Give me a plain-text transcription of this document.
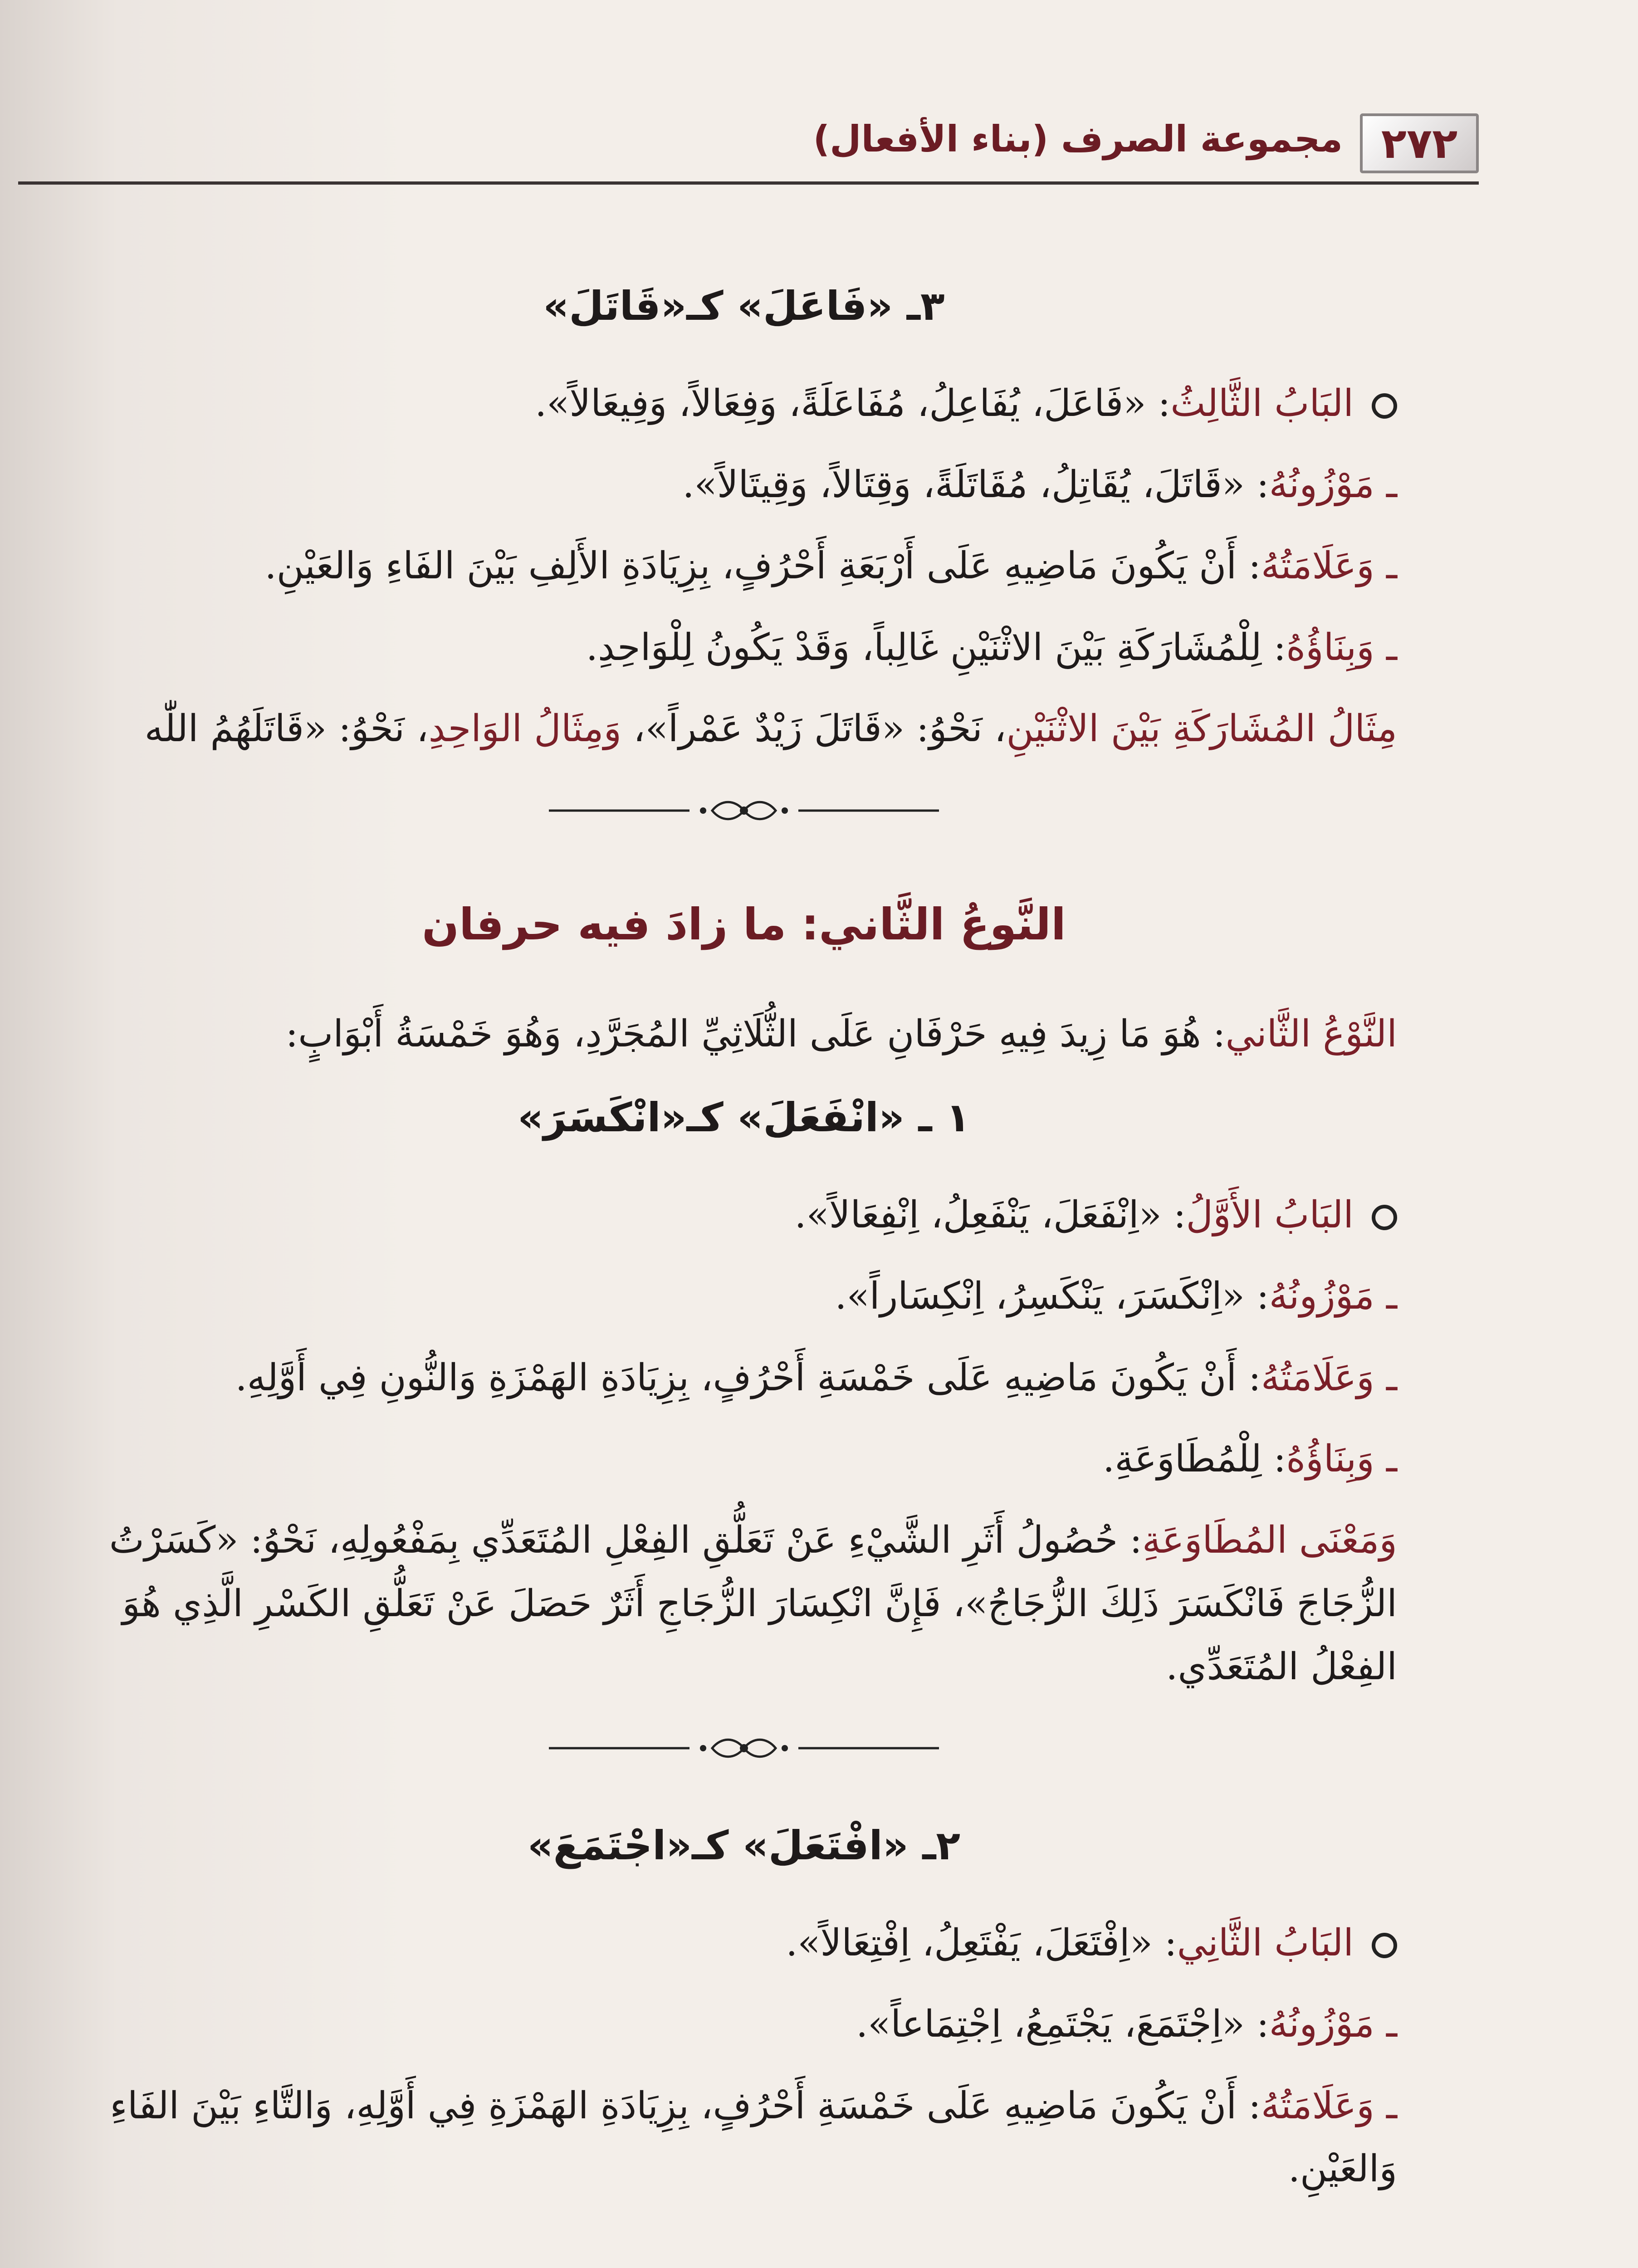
٢٧٢
مجموعة الصرف (بناء الأفعال)
٣ـ «فَاعَلَ» كـ«قَاتَلَ»

البَابُ الثَّالِثُ: «فَاعَلَ، يُفَاعِلُ، مُفَاعَلَةً، وَفِعَالاً، وَفِيعَالاً».

ـ مَوْزُونُهُ: «قَاتَلَ، يُقَاتِلُ، مُقَاتَلَةً، وَقِتَالاً، وَقِيتَالاً».

ـ وَعَلَامَتُهُ: أَنْ يَكُونَ مَاضِيهِ عَلَى أَرْبَعَةِ أَحْرُفٍ، بِزِيَادَةِ الأَلِفِ بَيْنَ الفَاءِ وَالعَيْنِ.

ـ وَبِنَاؤُهُ: لِلْمُشَارَكَةِ بَيْنَ الاثْنَيْنِ غَالِباً، وَقَدْ يَكُونُ لِلْوَاحِدِ.

مِثَالُ المُشَارَكَةِ بَيْنَ الاثْنَيْنِ، نَحْوُ: «قَاتَلَ زَيْدٌ عَمْراً»، وَمِثَالُ الوَاحِدِ، نَحْوُ: «قَاتَلَهُمُ اللّٰه

النَّوعُ الثَّاني: ما زادَ فيه حرفان

النَّوْعُ الثَّاني: هُوَ مَا زِيدَ فِيهِ حَرْفَانِ عَلَى الثُّلَاثِيِّ المُجَرَّدِ، وَهُوَ خَمْسَةُ أَبْوَابٍ:

١ ـ «انْفَعَلَ» كـ«انْكَسَرَ»

البَابُ الأَوَّلُ: «اِنْفَعَلَ، يَنْفَعِلُ، اِنْفِعَالاً».

ـ مَوْزُونُهُ: «اِنْكَسَرَ، يَنْكَسِرُ، اِنْكِسَاراً».

ـ وَعَلَامَتُهُ: أَنْ يَكُونَ مَاضِيهِ عَلَى خَمْسَةِ أَحْرُفٍ، بِزِيَادَةِ الهَمْزَةِ وَالنُّونِ فِي أَوَّلِهِ.

ـ وَبِنَاؤُهُ: لِلْمُطَاوَعَةِ.

وَمَعْنَى المُطَاوَعَةِ: حُصُولُ أَثَرِ الشَّيْءِ عَنْ تَعَلُّقِ الفِعْلِ المُتَعَدِّي بِمَفْعُولِهِ، نَحْوُ: «كَسَرْتُ الزُّجَاجَ فَانْكَسَرَ ذَلِكَ الزُّجَاجُ»، فَإِنَّ انْكِسَارَ الزُّجَاجِ أَثَرٌ حَصَلَ عَنْ تَعَلُّقِ الكَسْرِ الَّذِي هُوَ الفِعْلُ المُتَعَدِّي.

٢ـ «افْتَعَلَ» كـ«اجْتَمَعَ»

البَابُ الثَّانِي: «اِفْتَعَلَ، يَفْتَعِلُ، اِفْتِعَالاً».

ـ مَوْزُونُهُ: «اِجْتَمَعَ، يَجْتَمِعُ، اِجْتِمَاعاً».

ـ وَعَلَامَتُهُ: أَنْ يَكُونَ مَاضِيهِ عَلَى خَمْسَةِ أَحْرُفٍ، بِزِيَادَةِ الهَمْزَةِ فِي أَوَّلِهِ، وَالتَّاءِ بَيْنَ الفَاءِ وَالعَيْنِ.
